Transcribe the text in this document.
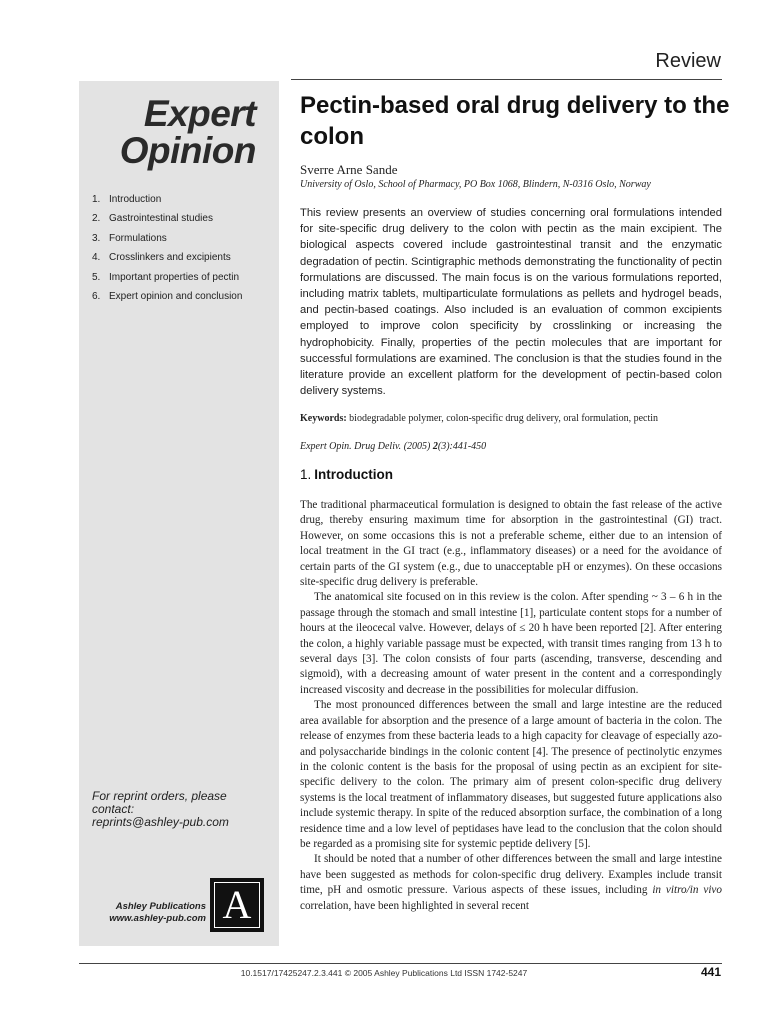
Review
Expert
Opinion
1. Introduction
2. Gastrointestinal studies
3. Formulations
4. Crosslinkers and excipients
5. Important properties of pectin
6. Expert opinion and conclusion
For reprint orders, please
contact:
reprints@ashley-pub.com
Ashley Publications
www.ashley-pub.com A
Pectin-based oral drug delivery to the colon
Sverre Arne Sande
University of Oslo, School of Pharmacy, PO Box 1068, Blindern, N-0316 Oslo, Norway

This review presents an overview of studies concerning oral formulations intended for site-specific drug delivery to the colon with pectin as the main excipient. The biological aspects covered include gastrointestinal transit and the enzymatic degradation of pectin. Scintigraphic methods demonstrating the functionality of pectin formulations are discussed. The main focus is on the various formulations reported, including matrix tablets, multiparticulate formulations as pellets and hydrogel beads, and pectin-based coatings. Also included is an evaluation of common excipients employed to improve colon specificity by crosslinking or increasing the hydrophobicity. Finally, properties of the pectin molecules that are important for successful formulations are examined. The conclusion is that the studies found in the literature provide an excellent platform for the development of pectin-based colon delivery systems.

Keywords: biodegradable polymer, colon-specific drug delivery, oral formulation, pectin
Expert Opin. Drug Deliv. (2005) 2(3):441-450
1. Introduction

The traditional pharmaceutical formulation is designed to obtain the fast release of the active drug, thereby ensuring maximum time for absorption in the gastrointestinal (GI) tract. However, on some occasions this is not a preferable scheme, either due to an intension of local treatment in the GI tract (e.g., inflammatory diseases) or a need for the avoidance of certain parts of the GI system (e.g., due to unacceptable pH or enzymes). On these occasions site-specific drug delivery is preferable.

The anatomical site focused on in this review is the colon. After spending ~ 3 – 6 h in the passage through the stomach and small intestine [1], particulate content stops for a number of hours at the ileocecal valve. However, delays of ≤ 20 h have been reported [2]. After entering the colon, a highly variable passage must be expected, with transit times ranging from 13 h to several days [3]. The colon consists of four parts (ascending, transverse, descending and sigmoid), with a decreasing amount of water present in the content and a correspondingly increased viscosity and decrease in the possibilities for molecular diffusion.

The most pronounced differences between the small and large intestine are the reduced area available for absorption and the presence of a large amount of bacteria in the colon. The release of enzymes from these bacteria leads to a high capacity for cleavage of especially azo- and polysaccharide bindings in the colonic content [4]. The presence of pectinolytic enzymes in the colonic content is the basis for the proposal of using pectin as an excipient for site-specific delivery to the colon. The primary aim of present colon-specific drug delivery systems is the local treatment of inflammatory diseases, but suggested future applications also include systemic therapy. In spite of the reduced absorption surface, the combination of a long residence time and a low level of peptidases have lead to the conclusion that the colon should be regarded as a promising site for systemic peptide delivery [5].

It should be noted that a number of other differences between the small and large intestine have been suggested as methods for colon-specific drug delivery. Examples include transit time, pH and osmotic pressure. Various aspects of these issues, including in vitro/in vivo correlation, have been highlighted in several recent

10.1517/17425247.2.3.441 © 2005 Ashley Publications Ltd ISSN 1742-5247	441
